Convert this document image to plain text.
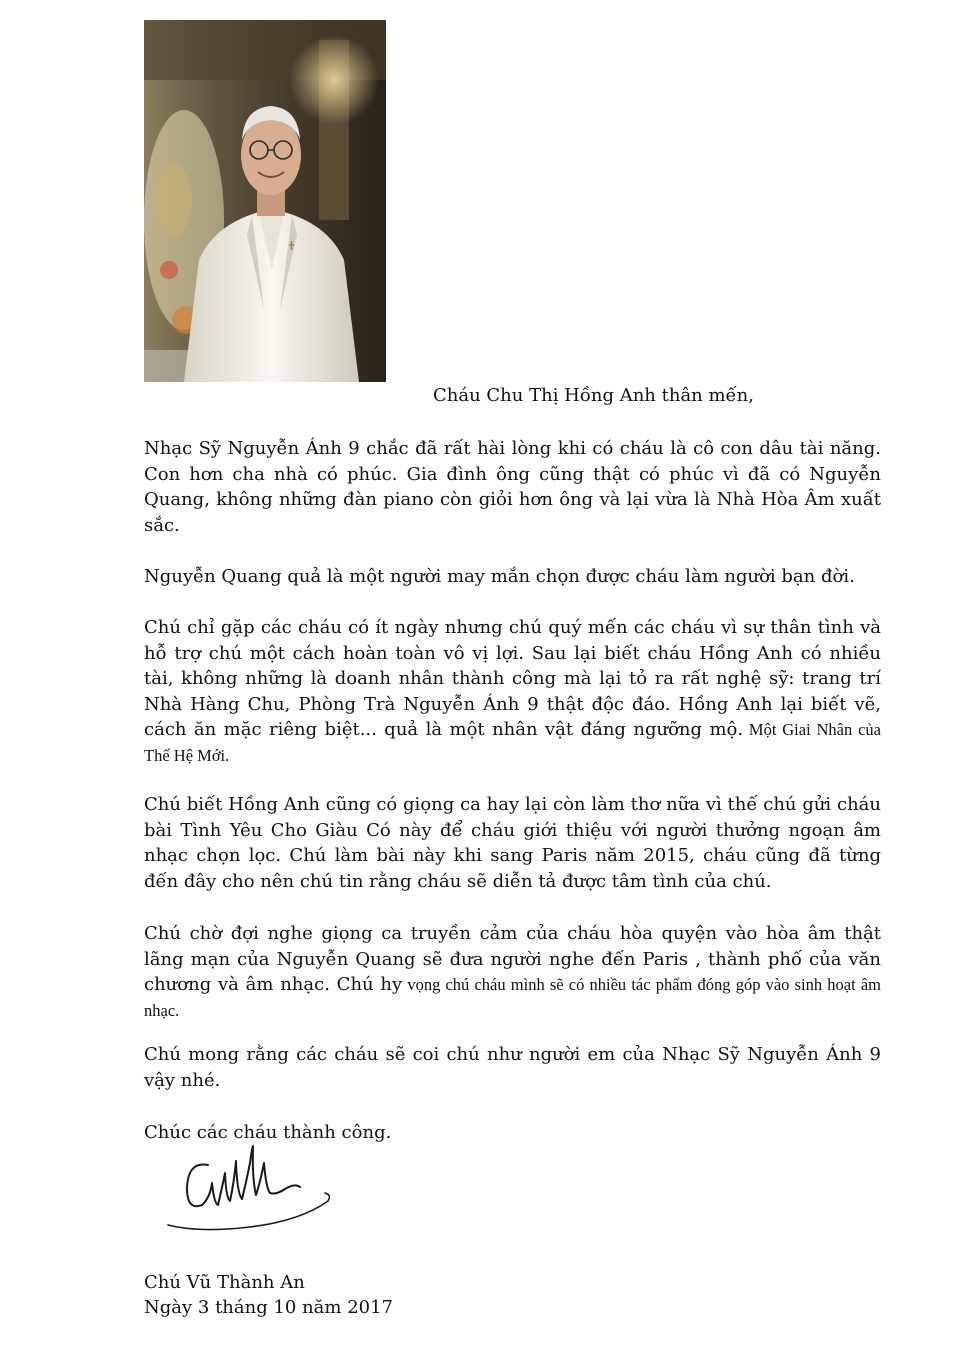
Cháu Chu Thị Hồng Anh thân mến,

Nhạc Sỹ Nguyễn Ánh 9 chắc đã rất hài lòng khi có cháu là cô con dâu tài năng. Con hơn cha nhà có phúc. Gia đình ông cũng thật có phúc vì đã có Nguyễn Quang, không những đàn piano còn giỏi hơn ông và lại vừa là Nhà Hòa Âm xuất sắc.

Nguyễn Quang quả là một người may mắn chọn được cháu làm người bạn đời.

Chú chỉ gặp các cháu có ít ngày nhưng chú quý mến các cháu vì sự thân tình và hỗ trợ chú một cách hoàn toàn vô vị lợi. Sau lại biết cháu Hồng Anh có nhiều tài, không những là doanh nhân thành công mà lại tỏ ra rất nghệ sỹ: trang trí Nhà Hàng Chu, Phòng Trà Nguyễn Ánh 9 thật độc đáo. Hồng Anh lại biết vẽ, cách ăn mặc riêng biệt... quả là một nhân vật đáng ngưỡng mộ. Một Giai Nhân của Thế Hệ Mới.

Chú biết Hồng Anh cũng có giọng ca hay lại còn làm thơ nữa vì thế chú gửi cháu bài Tình Yêu Cho Giàu Có này để cháu giới thiệu với người thưởng ngoạn âm nhạc chọn lọc. Chú làm bài này khi sang Paris năm 2015, cháu cũng đã từng đến đây cho nên chú tin rằng cháu sẽ diễn tả được tâm tình của chú.

Chú chờ đợi nghe giọng ca truyền cảm của cháu hòa quyện vào hòa âm thật lãng mạn của Nguyễn Quang sẽ đưa người nghe đến Paris , thành phố của văn chương và âm nhạc. Chú hy vọng chú cháu mình sẽ có nhiều tác phẩm đóng góp vào sinh hoạt âm nhạc.

Chú mong rằng các cháu sẽ coi chú như người em của Nhạc Sỹ Nguyễn Ánh 9 vậy nhé.

Chúc các cháu thành công.

Chú Vũ Thành An
Ngày 3 tháng 10 năm 2017
